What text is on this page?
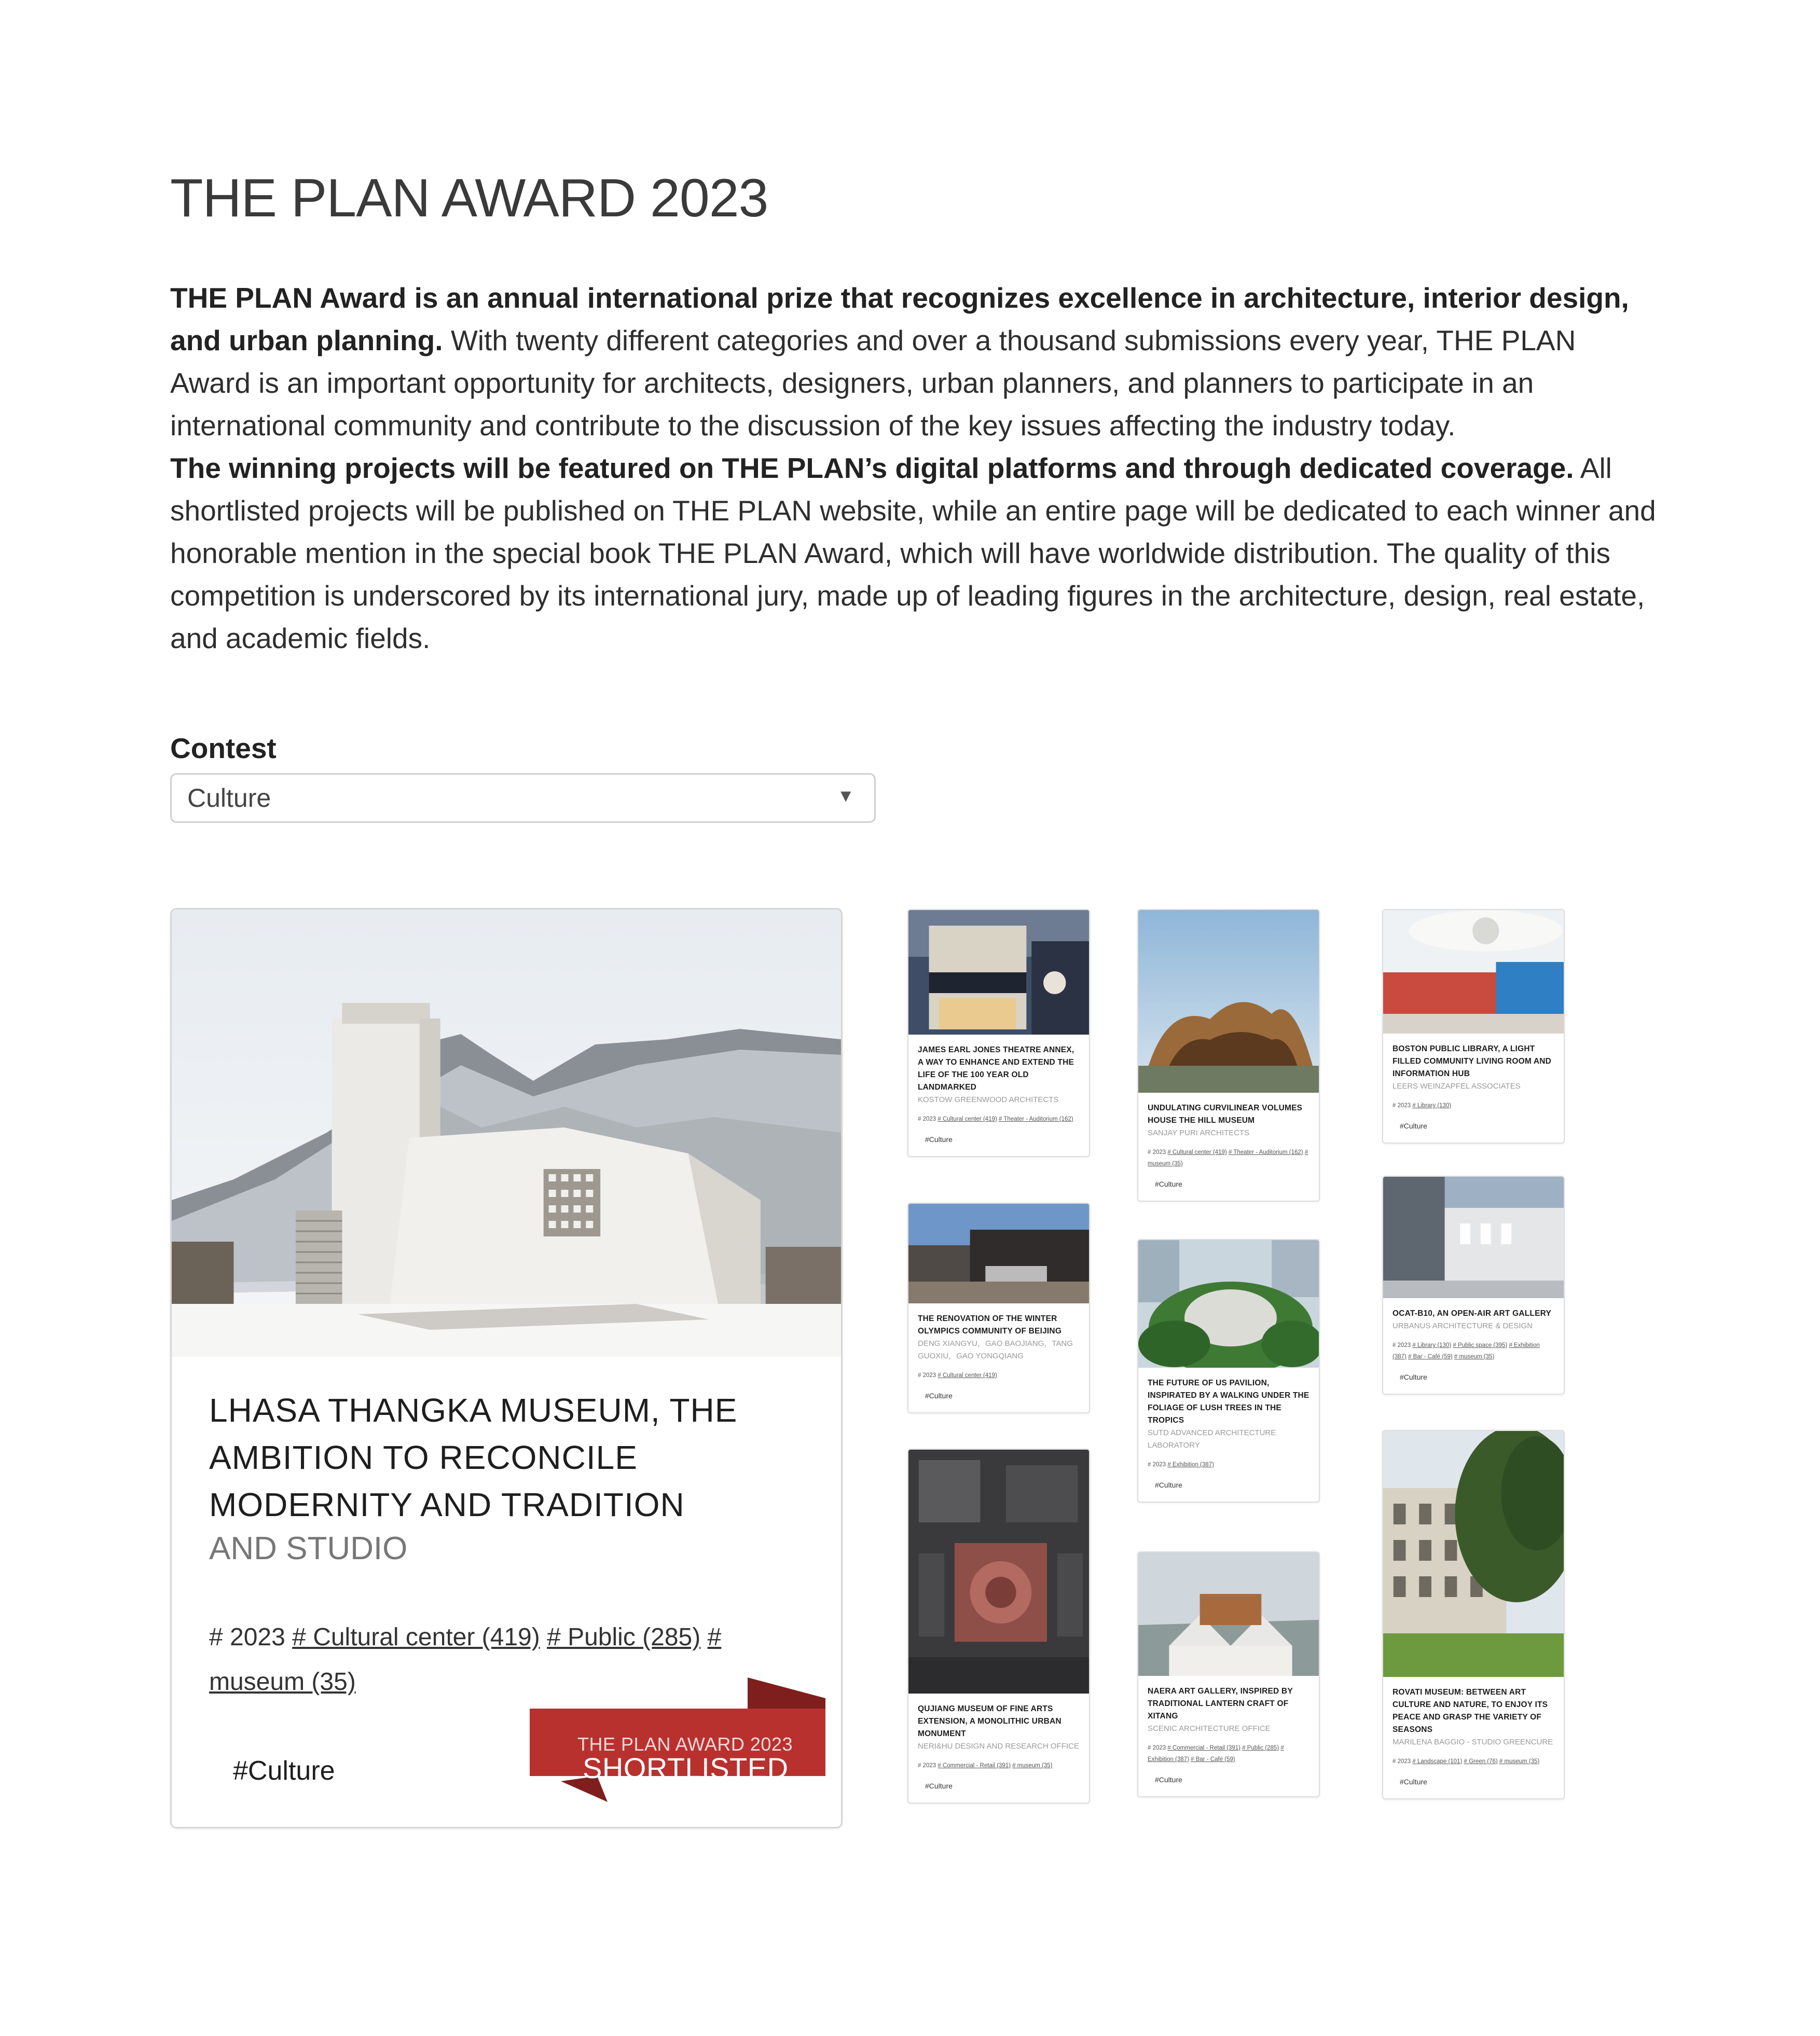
THE PLAN AWARD 2023
THE PLAN Award is an annual international prize that recognizes excellence in architecture, interior design, and urban planning. With twenty different categories and over a thousand submissions every year, THE PLAN Award is an important opportunity for architects, designers, urban planners, and planners to participate in an international community and contribute to the discussion of the key issues affecting the industry today.
The winning projects will be featured on THE PLAN’s digital platforms and through dedicated coverage. All shortlisted projects will be published on THE PLAN website, while an entire page will be dedicated to each winner and honorable mention in the special book THE PLAN Award, which will have worldwide distribution. The quality of this competition is underscored by its international jury, made up of leading figures in the architecture, design, real estate, and academic fields.
Contest
Culture	▼
LHASA THANGKA MUSEUM, THE AMBITION TO RECONCILE MODERNITY AND TRADITION
AND STUDIO
# 2023 # Cultural center (419) # Public (285) # museum (35)
#Culture
THE PLAN AWARD 2023
SHORTLISTED
JAMES EARL JONES THEATRE ANNEX, A WAY TO ENHANCE AND EXTEND THE LIFE OF THE 100 YEAR OLD LANDMARKED
KOSTOW GREENWOOD ARCHITECTS
# 2023 # Cultural center (419) # Theater - Auditorium (162)
#Culture
THE RENOVATION OF THE WINTER OLYMPICS COMMUNITY OF BEIJING
DENG XIANGYU，GAO BAOJIANG，TANG GUOXIU，GAO YONGQIANG
# 2023 # Cultural center (419)
#Culture
QUJIANG MUSEUM OF FINE ARTS EXTENSION, A MONOLITHIC URBAN MONUMENT
NERI&HU DESIGN AND RESEARCH OFFICE
# 2023 # Commercial - Retail (391) # museum (35)
#Culture
UNDULATING CURVILINEAR VOLUMES HOUSE THE HILL MUSEUM
SANJAY PURI ARCHITECTS
# 2023 # Cultural center (419) # Theater - Auditorium (162) # museum (35)
#Culture
THE FUTURE OF US PAVILION, INSPIRATED BY A WALKING UNDER THE FOLIAGE OF LUSH TREES IN THE TROPICS
SUTD ADVANCED ARCHITECTURE LABORATORY
# 2023 # Exhibition (387)
#Culture
NAERA ART GALLERY, INSPIRED BY TRADITIONAL LANTERN CRAFT OF XITANG
SCENIC ARCHITECTURE OFFICE
# 2023 # Commercial - Retail (391) # Public (285) # Exhibition (387) # Bar - Café (59)
#Culture
BOSTON PUBLIC LIBRARY, A LIGHT FILLED COMMUNITY LIVING ROOM AND INFORMATION HUB
LEERS WEINZAPFEL ASSOCIATES
# 2023 # Library (130)
#Culture
OCAT-B10, AN OPEN-AIR ART GALLERY
URBANUS ARCHITECTURE & DESIGN
# 2023 # Library (130) # Public space (395) # Exhibition (387) # Bar - Café (59) # museum (35)
#Culture
ROVATI MUSEUM: BETWEEN ART CULTURE AND NATURE, TO ENJOY ITS PEACE AND GRASP THE VARIETY OF SEASONS
MARILENA BAGGIO - STUDIO GREENCURE
# 2023 # Landscape (101) # Green (76) # museum (35)
#Culture
